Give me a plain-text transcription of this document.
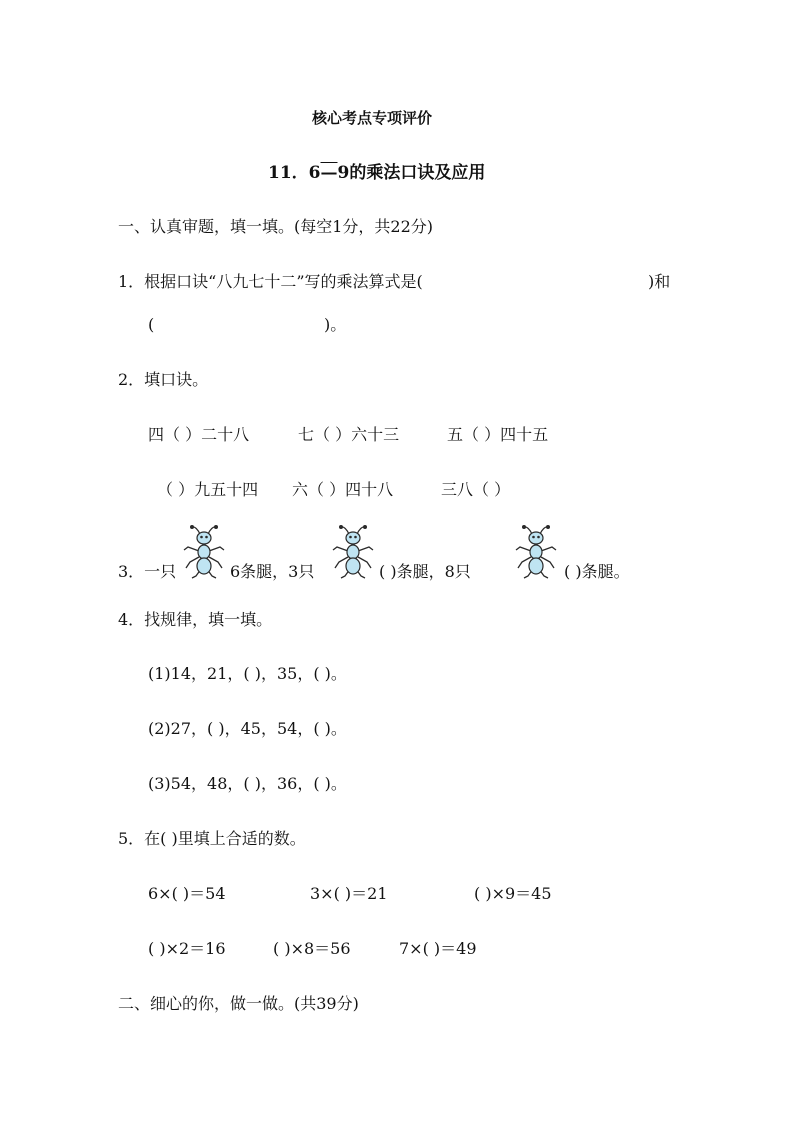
核心考点专项评价
11．6—9的乘法口诀及应用
一、认真审题，填一填。(每空1分，共22分)
1．根据口诀“八九七十二”写的乘法算式是(	)和
(	)。
2．填口诀。
四（ ）二十八	七（ ）六十三	五（ ）四十五
（ ）九五十四 六（ ）四十八	三八（ ）
3．一只	6条腿，3只	( )条腿，8只	( )条腿。
4．找规律，填一填。
(1)14，21，( )，35，( )。
(2)27，( )，45，54，( )。
(3)54，48，( )，36，( )。
5．在( )里填上合适的数。
6×( )＝54	3×( )＝21	( )×9＝45
( )×2＝16	( )×8＝56	7×( )＝49
二、细心的你，做一做。(共39分)
